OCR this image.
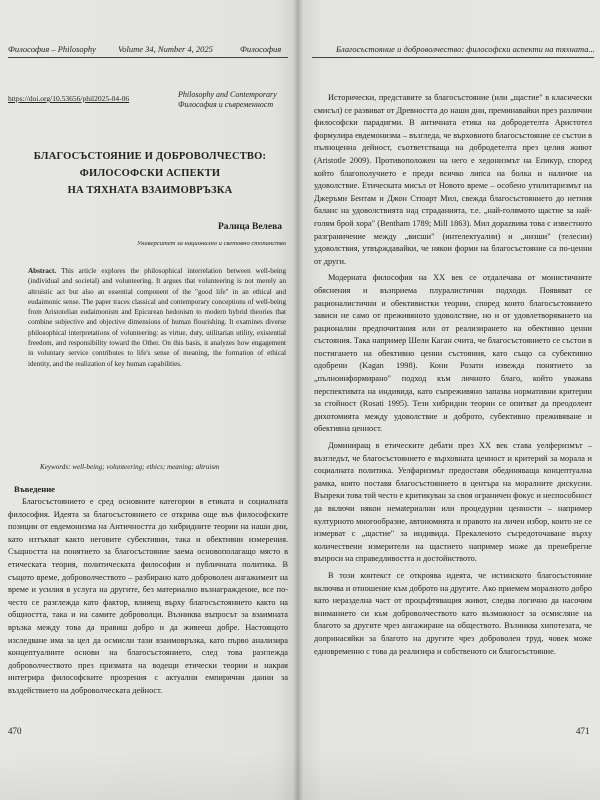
Философия – Philosophy	Volume 34, Number 4, 2025	Философия
https://doi.org/10.53656/phil2025-04-06	Philosophy and Contemporary
Философия и съвременност
БЛАГОСЪСТОЯНИЕ И ДОБРОВОЛЧЕСТВО:
ФИЛОСОФСКИ АСПЕКТИ
НА ТЯХНАТА ВЗАИМОВРЪЗКА
Ралица Велева
Университет за национално и световно стопанство

Abstract. This article explores the philosophical interrelation between well-being (individual and societal) and volunteering. It argues that volunteering is not merely an altruistic act but also an essential component of the "good life" in an ethical and eudaimonic sense. The paper traces classical and contemporary conceptions of well-being from Aristotelian eudaimonism and Epicurean hedonism to modern hybrid theories that combine subjective and objective dimensions of human flourishing. It examines diverse philosophical interpretations of volunteering: as virtue, duty, utilitarian utility, existential freedom, and responsibility toward the Other. On this basis, it analyzes how engagement in voluntary service contributes to life's sense of meaning, the formation of ethical identity, and the realization of key human capabilities.

Keywords: well-being; volunteering; ethics; meaning; altruism

Въведение

Благосъстоянието е сред основните категории в етиката и социалната философия. Идеята за благосъстоянието се открива още във философските позиции от евдемонизма на Античността до хибридните теории на наши дни, като изтъкват както неговите субективни, така и обективни измерения. Същността на понятието за благосъстояние заема основополагащо място в етическата теория, политическата философия и публичната политика. В същото време, доброволчеството – разбирано като доброволен ангажимент на време и усилия в услуга на другите, без материално възнаграждение, все по-често се разглежда като фактор, влияещ върху благосъстоянието както на общността, така и на самите доброволци. Възниква въпросът за взаимната връзка между това да правиш добро и да живееш добре. Настоящото изследване има за цел да осмисли тази взаимовръзка, като първо анализира концептуалните основи на благосъстоянието, след това разглежда доброволчеството през призмата на водещи етически теории и накрая интегрира философските прозрения с актуални емпирични данни за въздействието на доброволческата дейност.

470
Благосъстояние и доброволчество: философски аспекти на тяхната...

Исторически, представите за благосъстояние (или „щастие" в класически смисъл) се развиват от Древността до наши дни, преминавайки през различни философски парадигми. В античната етика на добродетелта Аристотел формулира евдемонизма – възгледа, че върховното благосъстояние се състои в пълноценна дейност, съответстваща на добродетелта през целия живот (Aristotle 2009). Противоположен на него е хедонизмът на Епикур, според който благополучието е преди всичко липса на болка и наличие на удоволствие. Етическата мисъл от Новото време – особено утилитаризмът на Джеръми Бентам и Джон Стюарт Мил, свежда благосъстоянието до нетния баланс на удоволствията над страданията, т.е. „най-голямото щастие за най-голям брой хора" (Bentham 1789; Mill 1863). Мил дорazвива това с известното разграничение между „висши" (интелектуални) и „низши" (телесни) удоволствия, утвърждавайки, че някои форми на благосъстояние са по-ценни от други.

Модерната философия на XX век се отдалечава от монистичните обяснения и възприема плуралистични подходи. Появяват се рационалистични и обективистки теории, според които благосъстоянието зависи не само от преживяното удоволствие, но и от удовлетворяването на рационални предпочитания или от реализирането на обективно ценни състояния. Така например Шели Каган счита, че благосъстоянието се състои в постигането на обективно ценни състояния, като също са субективно одобрени (Kagan 1998). Кони Розати извежда понятието за „пълноинформирано" подход към личното благо, който уважава перспективата на индивида, като съпреживяно запазва нормативни критерии за стойност (Rosati 1995). Тези хибридни теории се опитват да преодолеят дихотомията между удоволствие и доброто, субективно преживяване и обективна ценност.

Доминиращ в етическите дебати през XX век става уелферизмът – възгледът, че благосъстоянието е върховната ценност и критерий за морала и социалната политика. Уелфаризмът предоставя обединяваща концептуална рамка, която поставя благосъстоянието в центъра на моралните дискусии. Въпреки това той често е критикуван за своя ограничен фокус и неспособност да включи някои немаtериални или процедурни ценности – например културното многообразие, автономията и правото на личен избор, които не се измерват с „щастие" за индивида. Прекаленото съсредоточаване върху количествени измерители на щастието например може да пренебрегне въпроси на справедливостта и достойнството.

В този контекст се откроява идеята, че истинското благосъстояние включва и отношение към доброто на другите. Ако приемем моралното добро като неразделна част от процъфтяващия живот, следва логично да насочим вниманието си към доброволчеството като възможност за осмисляне на благото за другите чрез ангажиране на обществото. Възниква хипотезата, че допринасяйки за благото на другите чрез доброволен труд, човек може едновременно с това да реализира и собственото си благосъстояние.

471
